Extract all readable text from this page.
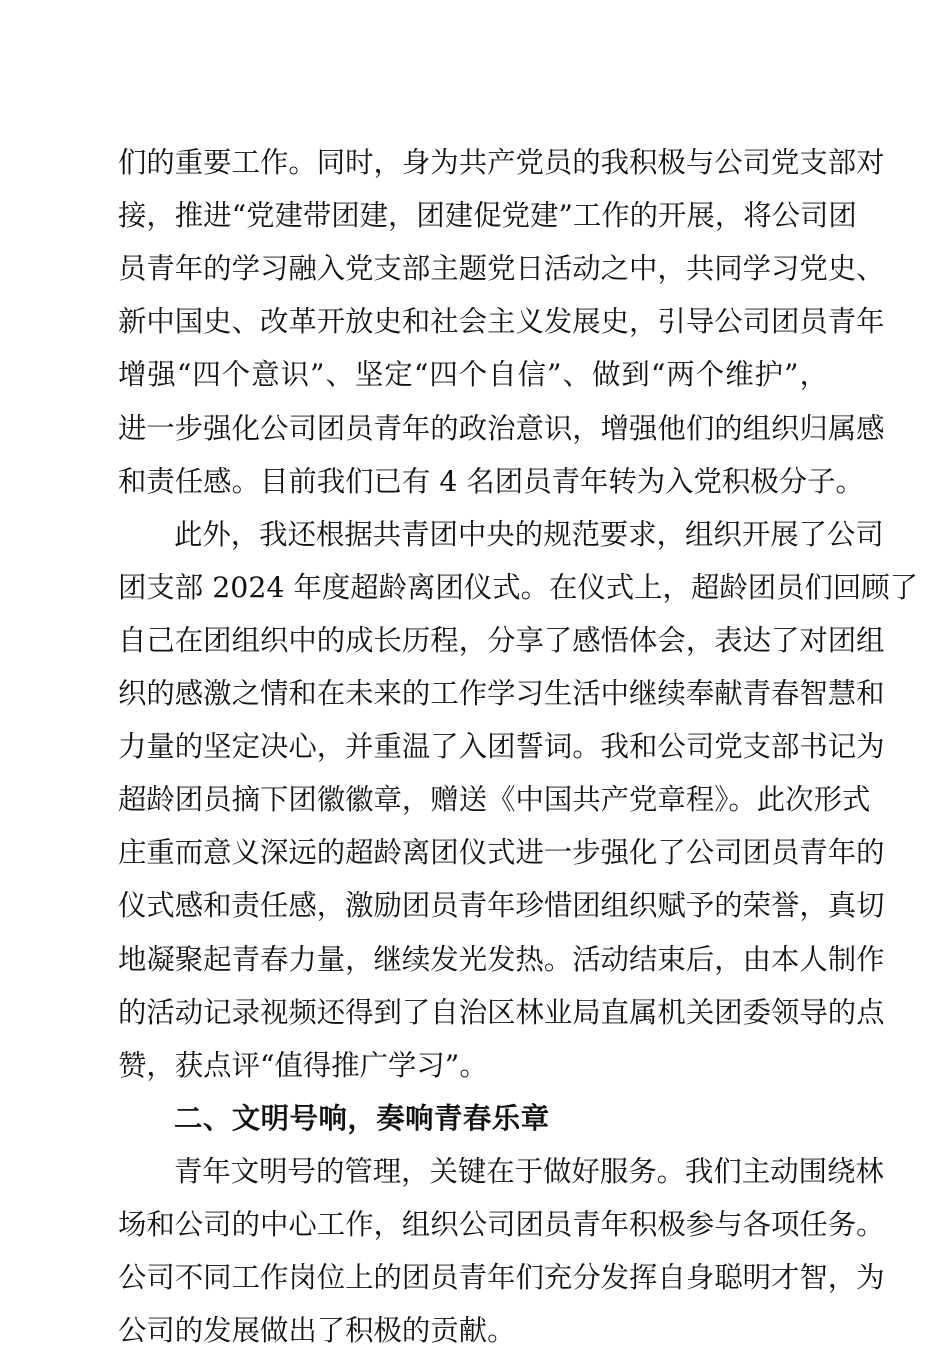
们的重要工作。同时，身为共产党员的我积极与公司党支部对
接，推进“党建带团建，团建促党建”工作的开展，将公司团
员青年的学习融入党支部主题党日活动之中，共同学习党史、
新中国史、改革开放史和社会主义发展史，引导公司团员青年
增强“四个意识”、坚定“四个自信”、做到“两个维护”，
进一步强化公司团员青年的政治意识，增强他们的组织归属感
和责任感。目前我们已有 4 名团员青年转为入党积极分子。
此外，我还根据共青团中央的规范要求，组织开展了公司
团支部 2024 年度超龄离团仪式。在仪式上，超龄团员们回顾了
自己在团组织中的成长历程，分享了感悟体会，表达了对团组
织的感激之情和在未来的工作学习生活中继续奉献青春智慧和
力量的坚定决心，并重温了入团誓词。我和公司党支部书记为
超龄团员摘下团徽徽章，赠送《中国共产党章程》。此次形式
庄重而意义深远的超龄离团仪式进一步强化了公司团员青年的
仪式感和责任感，激励团员青年珍惜团组织赋予的荣誉，真切
地凝聚起青春力量，继续发光发热。活动结束后，由本人制作
的活动记录视频还得到了自治区林业局直属机关团委领导的点
赞，获点评“值得推广学习”。
二、文明号响，奏响青春乐章
青年文明号的管理，关键在于做好服务。我们主动围绕林
场和公司的中心工作，组织公司团员青年积极参与各项任务。
公司不同工作岗位上的团员青年们充分发挥自身聪明才智，为
公司的发展做出了积极的贡献。
